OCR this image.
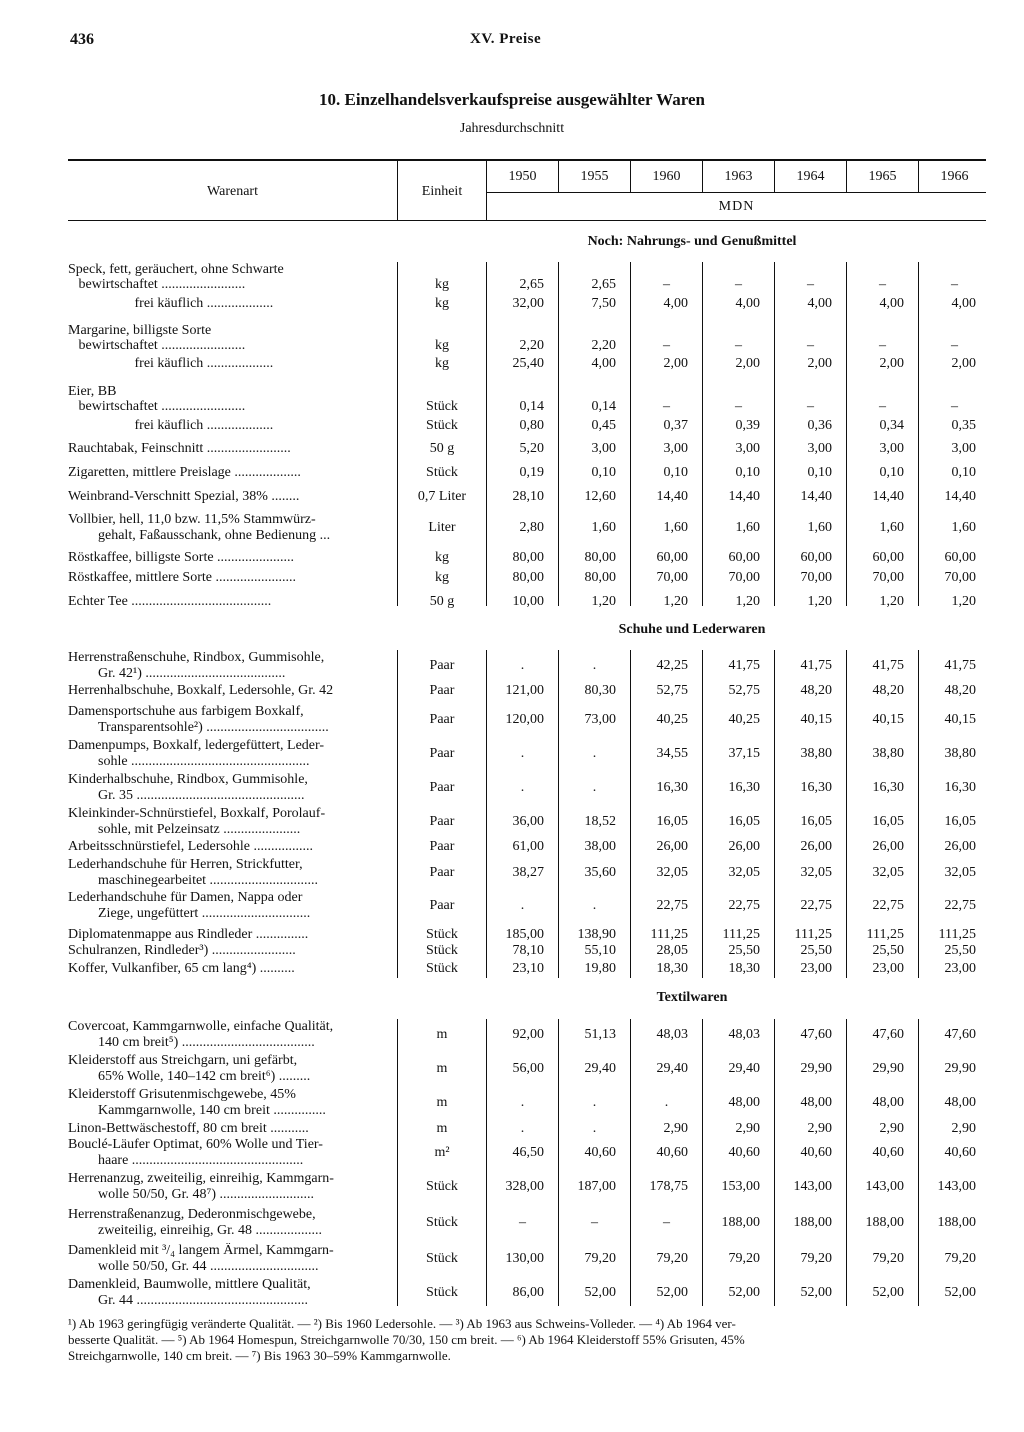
436	XV. Preise
10. Einzelhandelsverkaufspreise ausgewählter Waren
Jahresdurchschnitt
Warenart	Einheit
MDN
1950	1955	1960	1963	1964	1965	1966
Noch: Nahrungs- und Genußmittel
Speck, fett, geräuchert, ohne Schwarte
bewirtschaftet ........................	kg	2,65	2,65	–	–	–	–	–
frei käuflich ...................	kg	32,00	7,50	4,00	4,00	4,00	4,00	4,00
Margarine, billigste Sorte
bewirtschaftet ........................	kg	2,20	2,20	–	–	–	–	–
frei käuflich ...................	kg	25,40	4,00	2,00	2,00	2,00	2,00	2,00
Eier, BB
bewirtschaftet ........................	Stück	0,14	0,14	–	–	–	–	–
frei käuflich ...................	Stück	0,80	0,45	0,37	0,39	0,36	0,34	0,35
Rauchtabak, Feinschnitt ........................	50 g	5,20	3,00	3,00	3,00	3,00	3,00	3,00
Zigaretten, mittlere Preislage ...................	Stück	0,19	0,10	0,10	0,10	0,10	0,10	0,10
Weinbrand-Verschnitt Spezial, 38% ........	0,7 Liter	28,10	12,60	14,40	14,40	14,40	14,40	14,40
Vollbier, hell, 11,0 bzw. 11,5% Stammwürz-
gehalt, Faßausschank, ohne Bedienung ...
Liter	2,80	1,60	1,60	1,60	1,60	1,60	1,60
Röstkaffee, billigste Sorte ......................	kg	80,00	80,00	60,00	60,00	60,00	60,00	60,00
Röstkaffee, mittlere Sorte .......................	kg	80,00	80,00	70,00	70,00	70,00	70,00	70,00
Echter Tee ........................................	50 g	10,00	1,20	1,20	1,20	1,20	1,20	1,20
Schuhe und Lederwaren
Herrenstraßenschuhe, Rindbox, Gummisohle,
Gr. 42¹) ........................................
Paar	.	.	42,25	41,75	41,75	41,75	41,75
Herrenhalbschuhe, Boxkalf, Ledersohle, Gr. 42	Paar	121,00	80,30	52,75	52,75	48,20	48,20	48,20
Damensportschuhe aus farbigem Boxkalf,
Transparentsohle²) ...................................
Paar	120,00	73,00	40,25	40,25	40,15	40,15	40,15
Damenpumps, Boxkalf, ledergefüttert, Leder-
sohle ...................................................
Paar	.	.	34,55	37,15	38,80	38,80	38,80
Kinderhalbschuhe, Rindbox, Gummisohle,
Gr. 35 ................................................
Paar	.	.	16,30	16,30	16,30	16,30	16,30
Kleinkinder-Schnürstiefel, Boxkalf, Porolauf-
sohle, mit Pelzeinsatz ......................
Paar	36,00	18,52	16,05	16,05	16,05	16,05	16,05
Arbeitsschnürstiefel, Ledersohle .................	Paar	61,00	38,00	26,00	26,00	26,00	26,00	26,00
Lederhandschuhe für Herren, Strickfutter,
maschinegearbeitet ...............................
Paar	38,27	35,60	32,05	32,05	32,05	32,05	32,05
Lederhandschuhe für Damen, Nappa oder
Ziege, ungefüttert ...............................
Paar	.	.	22,75	22,75	22,75	22,75	22,75
Diplomatenmappe aus Rindleder ...............	Stück	185,00	138,90	111,25	111,25	111,25	111,25	111,25
Schulranzen, Rindleder³) ........................	Stück	78,10	55,10	28,05	25,50	25,50	25,50	25,50
Koffer, Vulkanfiber, 65 cm lang⁴) ..........	Stück	23,10	19,80	18,30	18,30	23,00	23,00	23,00
Textilwaren
Covercoat, Kammgarnwolle, einfache Qualität,
140 cm breit⁵) ......................................
m	92,00	51,13	48,03	48,03	47,60	47,60	47,60
Kleiderstoff aus Streichgarn, uni gefärbt,
65% Wolle, 140–142 cm breit⁶) .........
m	56,00	29,40	29,40	29,40	29,90	29,90	29,90
Kleiderstoff Grisutenmischgewebe, 45%
Kammgarnwolle, 140 cm breit ...............
m	.	.	.	48,00	48,00	48,00	48,00
Linon-Bettwäschestoff, 80 cm breit ...........	m	.	.	2,90	2,90	2,90	2,90	2,90
Bouclé-Läufer Optimat, 60% Wolle und Tier-
haare .................................................
m²	46,50	40,60	40,60	40,60	40,60	40,60	40,60
Herrenanzug, zweiteilig, einreihig, Kammgarn-
wolle 50/50, Gr. 48⁷) ...........................
Stück	328,00	187,00	178,75	153,00	143,00	143,00	143,00
Herrenstraßenanzug, Dederonmischgewebe,
zweiteilig, einreihig, Gr. 48 ...................
Stück	–	–	–	188,00	188,00	188,00	188,00
Damenkleid mit ³/₄ langem Ärmel, Kammgarn-
wolle 50/50, Gr. 44 ...............................
Stück	130,00	79,20	79,20	79,20	79,20	79,20	79,20
Damenkleid, Baumwolle, mittlere Qualität,
Gr. 44 .................................................
Stück	86,00	52,00	52,00	52,00	52,00	52,00	52,00
¹) Ab 1963 geringfügig veränderte Qualität. — ²) Bis 1960 Ledersohle. — ³) Ab 1963 aus Schweins-Volleder. — ⁴) Ab 1964 ver-
besserte Qualität. — ⁵) Ab 1964 Homespun, Streichgarnwolle 70/30, 150 cm breit. — ⁶) Ab 1964 Kleiderstoff 55% Grisuten, 45%
Streichgarnwolle, 140 cm breit. — ⁷) Bis 1963 30–59% Kammgarnwolle.
